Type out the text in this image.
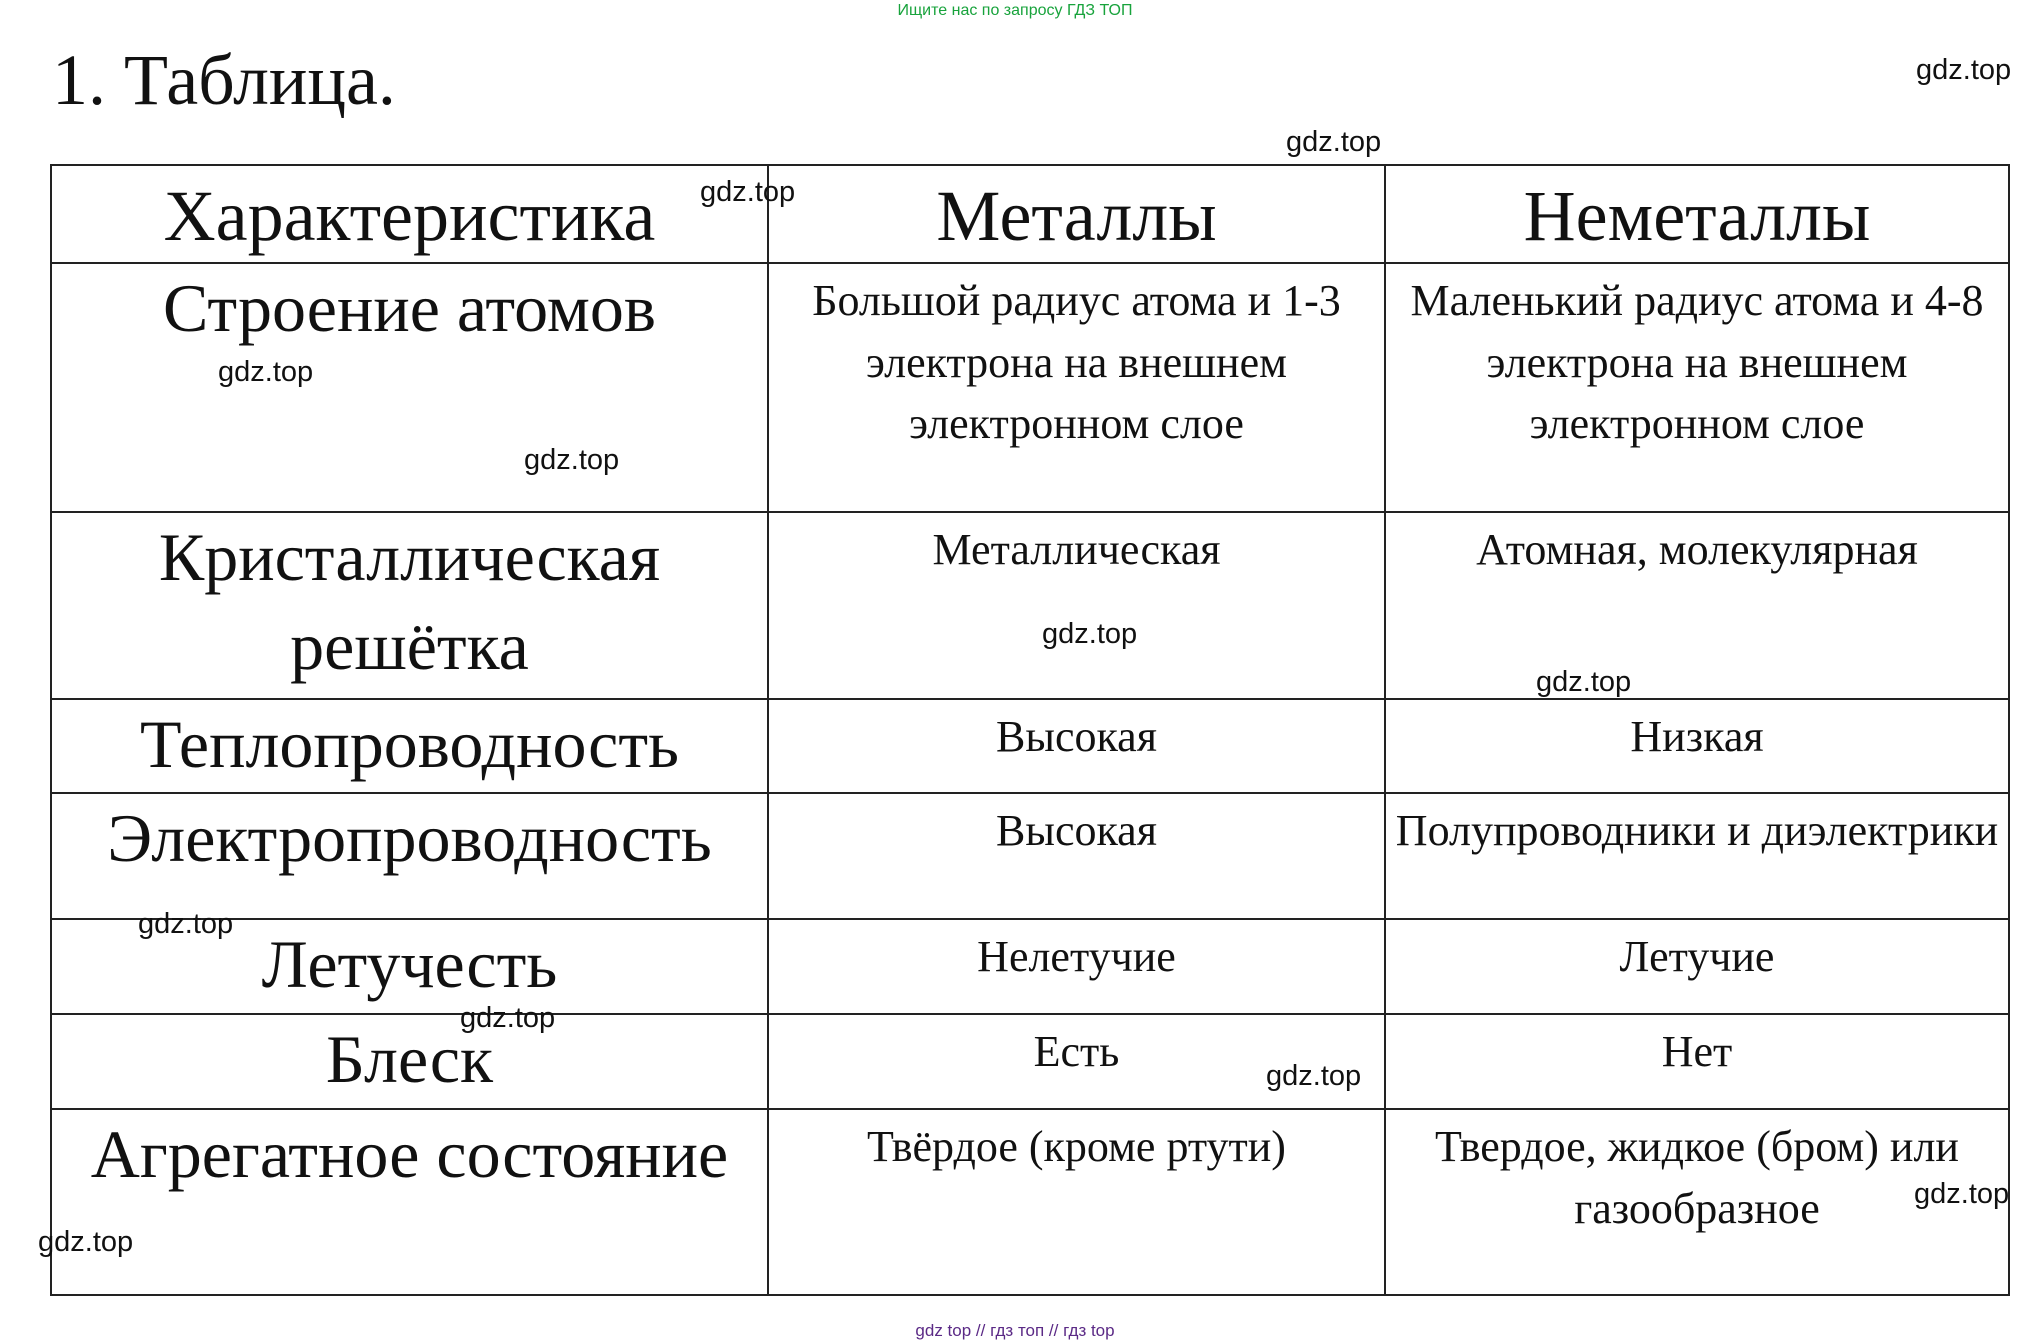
Ищите нас по запросу ГДЗ ТОП
1. Таблица.
Характеристика	Металлы	Неметаллы

Строение атомов	Большой радиус атома и 1-3 электрона на внешнем электронном слое	Маленький радиус атома и 4-8 электрона на внешнем электронном слое
Кристаллическая решётка	Металлическая	Атомная, молекулярная
Теплопроводность	Высокая	Низкая
Электропроводность	Высокая	Полупроводники и диэлектрики
Летучесть	Нелетучие	Летучие
Блеск	Есть	Нет
Агрегатное состояние	Твёрдое (кроме ртути)	Твердое, жидкое (бром) или газообразное
gdz.top
gdz.top
gdz.top
gdz.top
gdz.top
gdz.top
gdz.top
gdz.top
gdz.top
gdz.top
gdz.top
gdz.top
gdz top // гдз топ // гдз top
